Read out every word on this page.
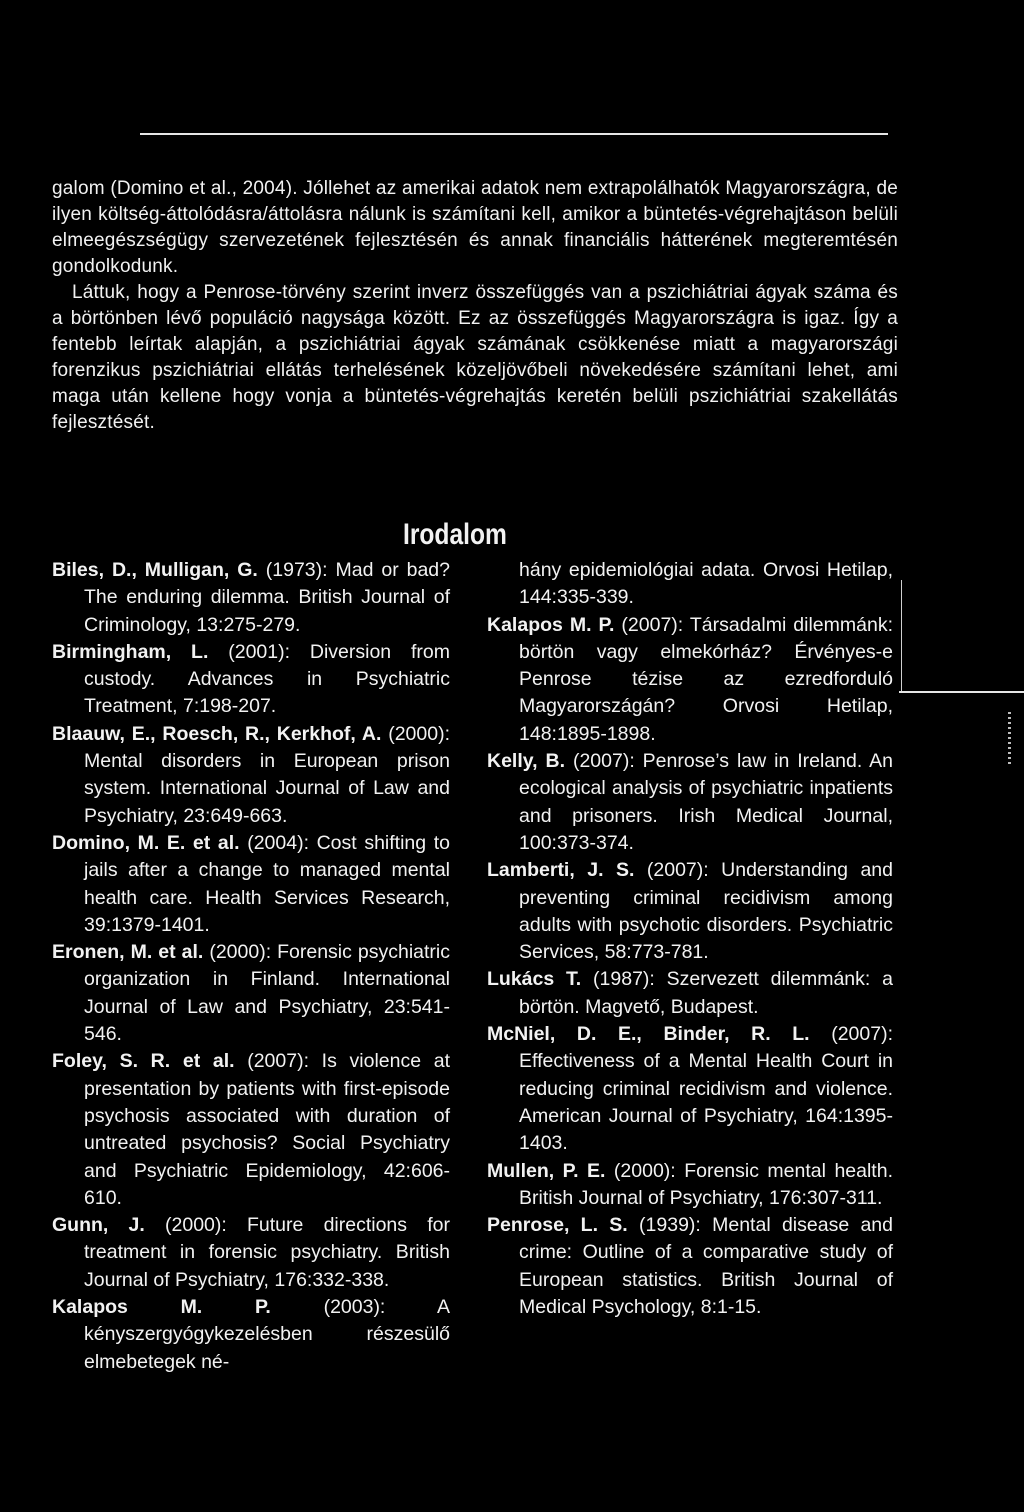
galom (Domino et al., 2004). Jóllehet az amerikai adatok nem extrapolálhatók Magyarországra, de ilyen költség-áttolódásra/áttolásra nálunk is számítani kell, amikor a büntetés-végrehajtáson belüli elmeegészségügy szervezetének fejlesztésén és annak financiális hátterének megteremtésén gondolkodunk.

Láttuk, hogy a Penrose-törvény szerint inverz összefüggés van a pszichiátriai ágyak száma és a börtönben lévő populáció nagysága között. Ez az összefüggés Magyarországra is igaz. Így a fentebb leírtak alapján, a pszichiátriai ágyak számának csökkenése miatt a magyarországi forenzikus pszichiátriai ellátás terhelésének közeljövőbeli növekedésére számítani lehet, ami maga után kellene hogy vonja a büntetés-végrehajtás keretén belüli pszichiátriai szakellátás fejlesztését.

Irodalom

Biles, D., Mulligan, G. (1973): Mad or bad? The enduring dilemma. British Journal of Criminology, 13:275-279.

Birmingham, L. (2001): Diversion from custody. Advances in Psychiatric Treatment, 7:198-207.

Blaauw, E., Roesch, R., Kerkhof, A. (2000): Mental disorders in European prison system. International Journal of Law and Psychiatry, 23:649-663.

Domino, M. E. et al. (2004): Cost shifting to jails after a change to managed mental health care. Health Services Research, 39:1379-1401.

Eronen, M. et al. (2000): Forensic psychiatric organization in Finland. International Journal of Law and Psychiatry, 23:541-546.

Foley, S. R. et al. (2007): Is violence at presentation by patients with first-episode psychosis associated with duration of untreated psychosis? Social Psychiatry and Psychiatric Epidemiology, 42:606-610.

Gunn, J. (2000): Future directions for treatment in forensic psychiatry. British Journal of Psychiatry, 176:332-338.

Kalapos M. P. (2003): A kényszergyógykezelésben részesülő elmebetegek né-

hány epidemiológiai adata. Orvosi Hetilap, 144:335-339.

Kalapos M. P. (2007): Társadalmi dilemmánk: börtön vagy elmekórház? Érvényes-e Penrose tézise az ezredforduló Magyarországán? Orvosi Hetilap, 148:1895-1898.

Kelly, B. (2007): Penrose’s law in Ireland. An ecological analysis of psychiatric inpatients and prisoners. Irish Medical Journal, 100:373-374.

Lamberti, J. S. (2007): Understanding and preventing criminal recidivism among adults with psychotic disorders. Psychiatric Services, 58:773-781.

Lukács T. (1987): Szervezett dilemmánk: a börtön. Magvető, Budapest.

McNiel, D. E., Binder, R. L. (2007): Effectiveness of a Mental Health Court in reducing criminal recidivism and violence. American Journal of Psychiatry, 164:1395-1403.

Mullen, P. E. (2000): Forensic mental health. British Journal of Psychiatry, 176:307-311.

Penrose, L. S. (1939): Mental disease and crime: Outline of a comparative study of European statistics. British Journal of Medical Psychology, 8:1-15.
